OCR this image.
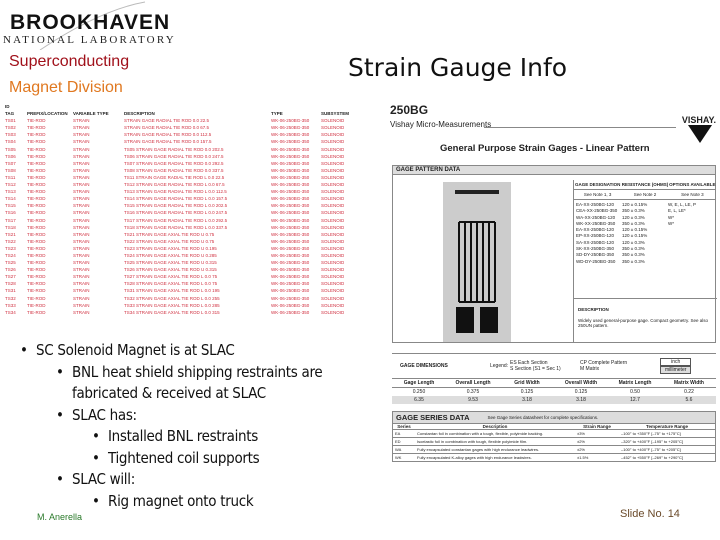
BROOKHAVEN
NATIONAL LABORATORY
Superconducting
Magnet Division
Strain Gauge Info
ID
TAG	PREFIX/LOCATION	VARIABLE TYPE	DESCRIPTION	TYPE	SUBSYSTEM
TS01	TIE-ROD	STRAIN	STRAIN GAGE RADIAL TIE ROD 0.0 22.5	WK-06-250BG-350	SOLENOID
TS02	TIE-ROD	STRAIN	STRAIN GAGE RADIAL TIE ROD 0.0 67.5	WK-06-250BG-350	SOLENOID
TS03	TIE-ROD	STRAIN	STRAIN GAGE RADIAL TIE ROD 0.0 112.5	WK-06-250BG-350	SOLENOID
TS04	TIE-ROD	STRAIN	STRAIN GAGE RADIAL TIE ROD 0.0 157.5	WK-06-250BG-350	SOLENOID
TS05	TIE-ROD	STRAIN	TS05 STRAIN GAGE RADIAL TIE ROD 0.0 202.5	WK-06-250BG-350	SOLENOID
TS06	TIE-ROD	STRAIN	TS06 STRAIN GAGE RADIAL TIE ROD 0.0 247.5	WK-06-250BG-350	SOLENOID
TS07	TIE-ROD	STRAIN	TS07 STRAIN GAGE RADIAL TIE ROD 0.0 292.5	WK-06-250BG-350	SOLENOID
TS08	TIE-ROD	STRAIN	TS08 STRAIN GAGE RADIAL TIE ROD 0.0 337.5	WK-06-250BG-350	SOLENOID
TS11	TIE-ROD	STRAIN	TS11 STRAIN GAGE RADIAL TIE ROD L 0.0 22.5	WK-06-250BG-350	SOLENOID
TS12	TIE-ROD	STRAIN	TS12 STRAIN GAGE RADIAL TIE ROD L 0.0 67.5	WK-06-250BG-350	SOLENOID
TS13	TIE-ROD	STRAIN	TS13 STRAIN GAGE RADIAL TIE ROD L 0.0 112.5	WK-06-250BG-350	SOLENOID
TS14	TIE-ROD	STRAIN	TS14 STRAIN GAGE RADIAL TIE ROD L 0.0 157.5	WK-06-250BG-350	SOLENOID
TS15	TIE-ROD	STRAIN	TS15 STRAIN GAGE RADIAL TIE ROD L 0.0 202.5	WK-06-250BG-350	SOLENOID
TS16	TIE-ROD	STRAIN	TS16 STRAIN GAGE RADIAL TIE ROD L 0.0 247.5	WK-06-250BG-350	SOLENOID
TS17	TIE-ROD	STRAIN	TS17 STRAIN GAGE RADIAL TIE ROD L 0.0 292.5	WK-06-250BG-350	SOLENOID
TS18	TIE-ROD	STRAIN	TS18 STRAIN GAGE RADIAL TIE ROD L 0.0 337.5	WK-06-250BG-350	SOLENOID
TS21	TIE-ROD	STRAIN	TS21 STRAIN GAGE AXIAL TIE ROD U 0.75	WK-06-250BG-350	SOLENOID
TS22	TIE-ROD	STRAIN	TS22 STRAIN GAGE AXIAL TIE ROD U 0.75	WK-06-250BG-350	SOLENOID
TS23	TIE-ROD	STRAIN	TS23 STRAIN GAGE AXIAL TIE ROD U 0.195	WK-06-250BG-350	SOLENOID
TS24	TIE-ROD	STRAIN	TS24 STRAIN GAGE AXIAL TIE ROD U 0.285	WK-06-250BG-350	SOLENOID
TS25	TIE-ROD	STRAIN	TS25 STRAIN GAGE AXIAL TIE ROD U 0.315	WK-06-250BG-350	SOLENOID
TS26	TIE-ROD	STRAIN	TS26 STRAIN GAGE AXIAL TIE ROD U 0.315	WK-06-250BG-350	SOLENOID
TS27	TIE-ROD	STRAIN	TS27 STRAIN GAGE AXIAL TIE ROD L 0.0 75	WK-06-250BG-350	SOLENOID
TS28	TIE-ROD	STRAIN	TS28 STRAIN GAGE AXIAL TIE ROD L 0.0 75	WK-06-250BG-350	SOLENOID
TS31	TIE-ROD	STRAIN	TS31 STRAIN GAGE AXIAL TIE ROD L 0.0 195	WK-06-250BG-350	SOLENOID
TS32	TIE-ROD	STRAIN	TS32 STRAIN GAGE AXIAL TIE ROD L 0.0 255	WK-06-250BG-350	SOLENOID
TS33	TIE-ROD	STRAIN	TS33 STRAIN GAGE AXIAL TIE ROD L 0.0 285	WK-06-250BG-350	SOLENOID
TS34	TIE-ROD	STRAIN	TS34 STRAIN GAGE AXIAL TIE ROD L 0.0 315	WK-06-250BG-350	SOLENOID
250BG
Vishay Micro-Measurements	VISHAY.
General Purpose Strain Gages - Linear Pattern
GAGE PATTERN DATA
GAGE DESIGNATION RESISTANCE (OHMS) OPTIONS AVAILABLE
See Note 1, 3	See Note 2	See Note 3
EA-XX-250BG-120	120 ± 0.15%	W, E, L, LE, P
CEA-XX-250BG-350	350 ± 0.3%	E, L, LE*
WA-XX-250BG-120	120 ± 0.3%	W*
WK-XX-250BG-350	350 ± 0.3%	W*
EA-XX-250BG-120	120 ± 0.15%
EP-XX-250BG-120	120 ± 0.15%
SA-XX-250BG-120	120 ± 0.3%
SK-XX-250BG-350	350 ± 0.3%
SD-DY-250BG-350	350 ± 0.3%
WD-DY-250BG-350	350 ± 0.3%
DESCRIPTION
Widely used general-purpose gage. Compact geometry. See also 250UN pattern.
GAGE DIMENSIONS	Legend: ES Each Section
S Section (S1 = Sec 1)
CP Complete Pattern
M Matrix
inch
millimeter
Gage Length	Overall Length	Grid Width	Overall Width	Matrix Length	Matrix Width
0.250	0.375	0.125	0.125	0.50	0.22
6.35	9.53	3.18	3.18	12.7	5.6
GAGE SERIES DATA	See Gage Series datasheet for complete specifications.
Series	Description	Strain Range	Temperature Range
EA	Constantan foil in combination with a tough, flexible, polyimide backing.	±3%	–100° to +350°F [–75° to +175°C]
ED	Isoelastic foil in combination with tough, flexible polyimide film.	±2%	–320° to +400°F [–195° to +205°C]
WA	Fully encapsulated constantan gages with high endurance leadwires.	±2%	–100° to +400°F [–75° to +205°C]
WK	Fully encapsulated K-alloy gages with high endurance leadwires.	±1.5%	–452° to +550°F [–269° to +290°C]
• SC Solenoid Magnet is at SLAC
• BNL heat shield shipping restraints are
fabricated & received at SLAC
• SLAC has:
• Installed BNL restraints
• Tightened coil supports
• SLAC will:
• Rig magnet onto truck
M. Anerella	Slide No. 14
